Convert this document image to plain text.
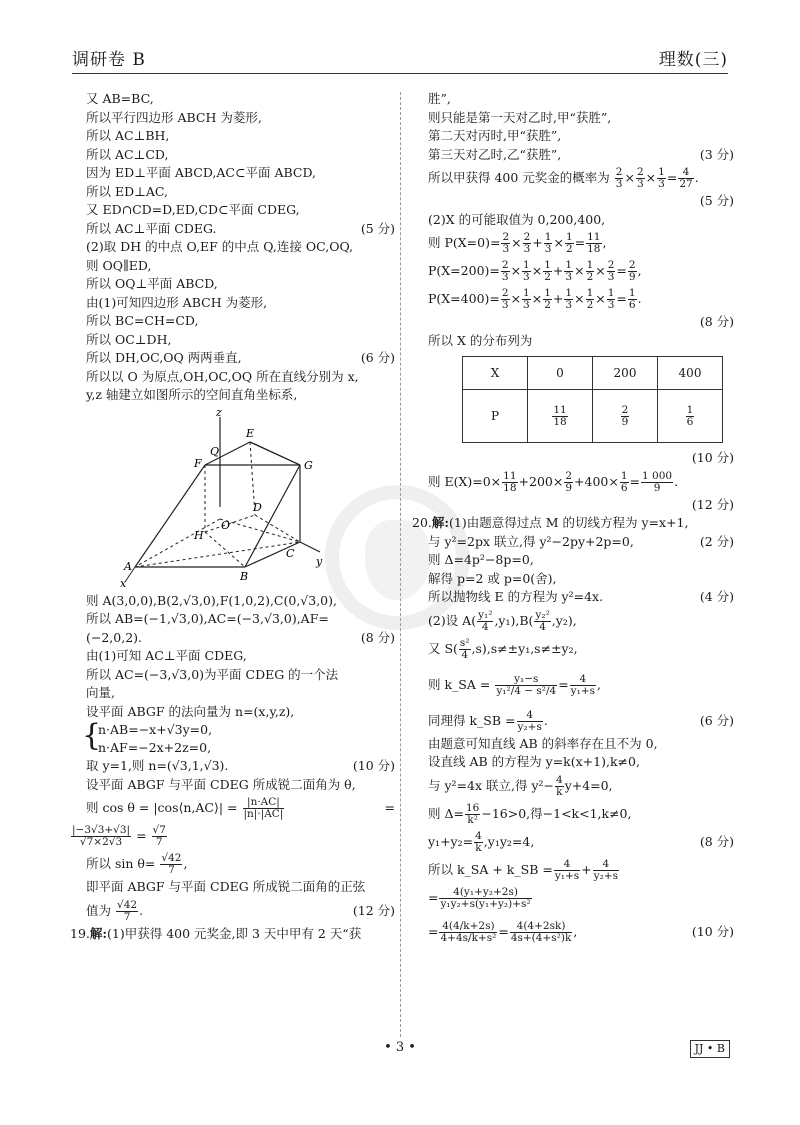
调研卷 B	理数(三)
又 AB=BC,
所以平行四边形 ABCH 为菱形,
所以 AC⊥BH,
所以 AC⊥CD,
因为 ED⊥平面 ABCD,AC⊂平面 ABCD,
所以 ED⊥AC,
又 ED∩CD=D,ED,CD⊂平面 CDEG,
所以 AC⊥平面 CDEG.	(5 分)
(2)取 DH 的中点 O,EF 的中点 Q,连接 OC,OQ,
则 OQ∥ED,
所以 OQ⊥平面 ABCD,
由(1)可知四边形 ABCH 为菱形,
所以 BC=CH=CD,
所以 OC⊥DH,
所以 DH,OC,OQ 两两垂直,	(6 分)
所以以 O 为原点,OH,OC,OQ 所在直线分别为 x,
y,z 轴建立如图所示的空间直角坐标系,
z
E
Q
F	G
D
O
H
C
y
A
B
x
则 A(3,0,0),B(2,√3,0),F(1,0,2),C(0,√3,0),
所以 AB=(−1,√3,0),AC=(−3,√3,0),AF=
(−2,0,2).	(8 分)
由(1)可知 AC⊥平面 CDEG,
所以 AC=(−3,√3,0)为平面 CDEG 的一个法
向量,
设平面 ABGF 的法向量为 n=(x,y,z),
{
n·AB=−x+√3y=0,
n·AF=−2x+2z=0,
取 y=1,则 n=(√3,1,√3).	(10 分)
设平面 ABGF 与平面 CDEG 所成锐二面角为 θ,
则 cos θ = |cos⟨n,AC⟩| = $\frac{|n\cdot AC|}{|n|\cdot|AC|}$	=
$\frac{|-3√3+√3|}{√7\times 2√3} = \frac{√7}{7}$
所以 $\sin \theta= \frac{√42}{7}$ ,
即平面 ABGF 与平面 CDEG 所成锐二面角的正弦
值为 $\frac{√42}{7}$ .	(12 分)
19.解:(1)甲获得 400 元奖金,即 3 天中甲有 2 天“获
胜”,
则只能是第一天对乙时,甲“获胜”,
第二天对丙时,甲“获胜”,
第三天对乙时,乙“获胜”,	(3 分)
所以甲获得 400 元奖金的概率为 $\frac{2}{3} \times \frac{2}{3} \times \frac{1}{3} = \frac{4}{27}$ .
(5 分)
(2)X 的可能取值为 0,200,400,
则 $P(X=0)= \frac{2}{3} \times \frac{2}{3} + \frac{1}{3} \times \frac{1}{2} = \frac{11}{18}$ ,
$P(X=200)= \frac{2}{3} \times \frac{1}{3} \times \frac{1}{2} + \frac{1}{3} \times \frac{1}{2} \times \frac{2}{3} = \frac{2}{9}$ ,
$P(X=400)= \frac{2}{3} \times \frac{1}{3} \times \frac{1}{2} + \frac{1}{3} \times \frac{1}{2} \times \frac{1}{3} = \frac{1}{6}$ .
(8 分)
所以 X 的分布列为
X	0	200	400
P	$\frac{11}{18}$	$\frac{2}{9}$	$\frac{1}{6}$
(10 分)
则 $E(X)=0\times \frac{11}{18} +200\times \frac{2}{9} +400\times \frac{1}{6} = \frac{1 000}{9}$ .
(12 分)
20.解:(1)由题意得过点 M 的切线方程为 y=x+1,
与 y²=2px 联立,得 y²−2py+2p=0,	(2 分)
则 Δ=4p²−8p=0,
解得 p=2 或 p=0(舍),
所以抛物线 E 的方程为 y²=4x.	(4 分)
(2)设 $A( \frac{\text{y₁²}}{4} ,y_1),B( \frac{\text{y₂²}}{4} ,y_2)$,
又 $S( \frac{\text{s²}}{4} ,s),s\ne\pm y_1,s\ne\pm y_2$,
则 k_SA = $\frac{\text{y₁−s}}{\text{y₁²/4 − s²/4}} = \frac{4}{\text{y₁+s}}$ ,
同理得 k_SB = $\frac{4}{\text{y₂+s}}$ .	(6 分)
由题意可知直线 AB 的斜率存在且不为 0,
设直线 AB 的方程为 y=k(x+1),k≠0,
与 y²=4x 联立,得 $y^2- \frac{4}{k} y+4=0$,
则 $\Delta= \frac{16}{\text{k²}} -16>0$,得−1<k<1,k≠0,
$y_1+y_2= \frac{4}{k} ,y_1y_2=4$,	(8 分)
所以 k_SA + k_SB = $\frac{4}{\text{y₁+s}} + \frac{4}{\text{y₂+s}}$
= $\frac{\text{4(y₁+y₂+2s)}}{\text{y₁y₂+s(y₁+y₂)+s²}}$
= $\frac{4(4/k+2s)}{\text{4+4s/k+s²}} = \frac{4(4+2sk)}{\text{4s+(4+s²)k}}$ ,	(10 分)
• 3 •	JJ • B
